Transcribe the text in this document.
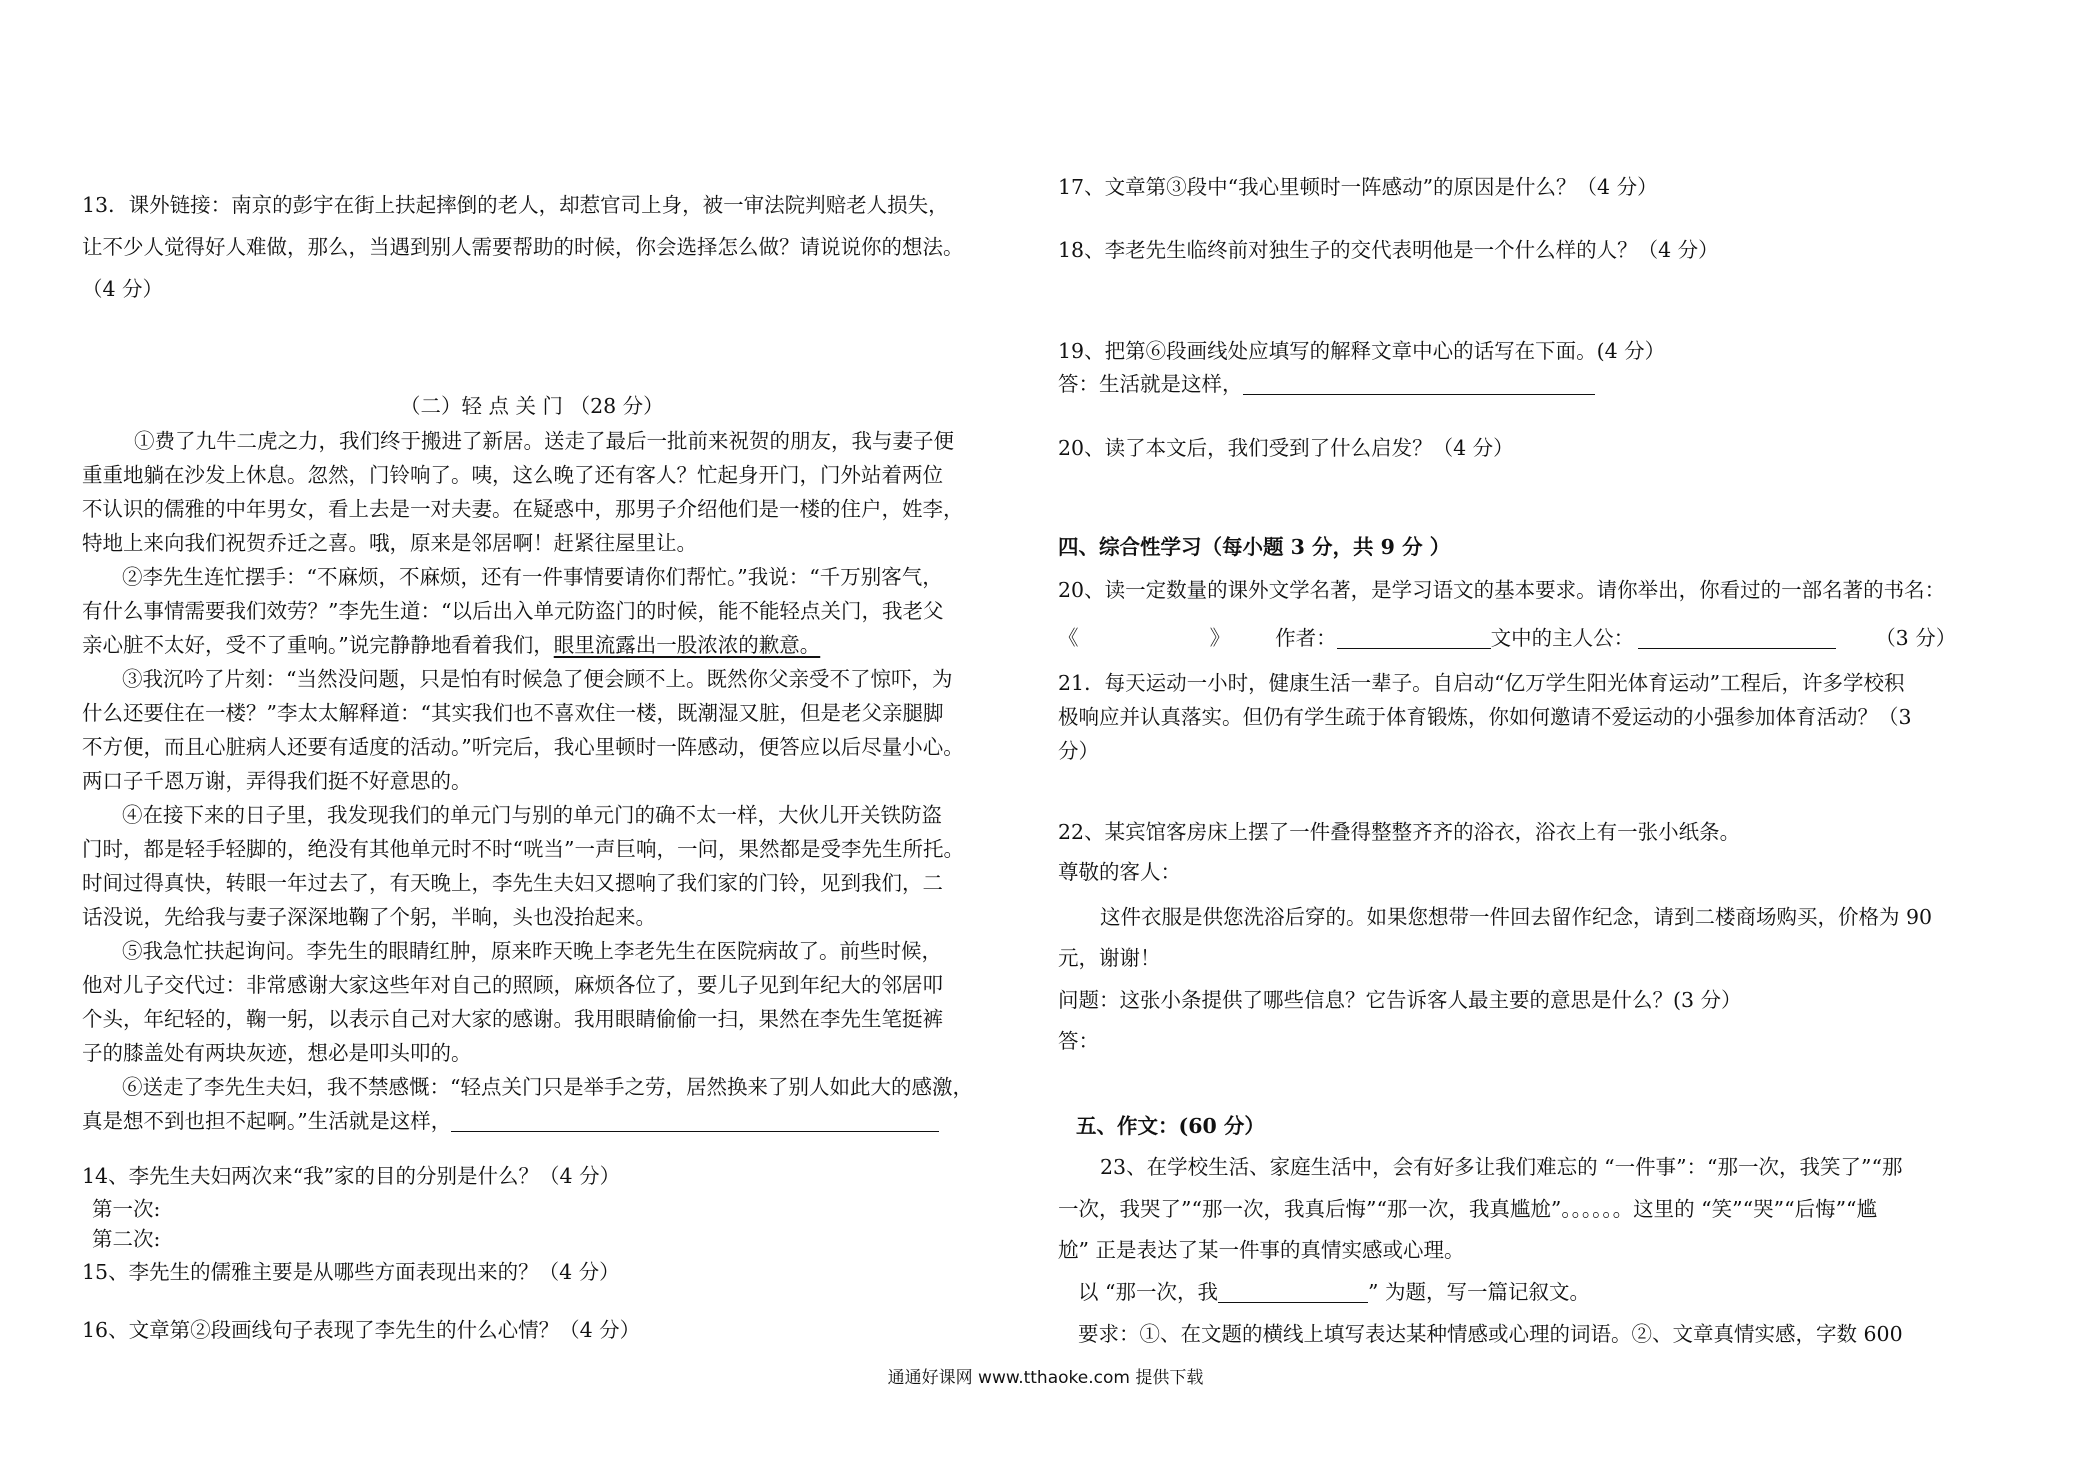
13．课外链接：南京的彭宇在街上扶起摔倒的老人，却惹官司上身，被一审法院判赔老人损失，
让不少人觉得好人难做，那么，当遇到别人需要帮助的时候，你会选择怎么做？请说说你的想法。
（4 分）
（二）轻 点 关 门 （28 分）
①费了九牛二虎之力，我们终于搬进了新居。送走了最后一批前来祝贺的朋友，我与妻子便
重重地躺在沙发上休息。忽然，门铃响了。咦，这么晚了还有客人？忙起身开门，门外站着两位
不认识的儒雅的中年男女，看上去是一对夫妻。在疑惑中，那男子介绍他们是一楼的住户，姓李，
特地上来向我们祝贺乔迁之喜。哦，原来是邻居啊！赶紧往屋里让。
②李先生连忙摆手：“不麻烦，不麻烦，还有一件事情要请你们帮忙。”我说：“千万别客气，
有什么事情需要我们效劳？”李先生道：“以后出入单元防盗门的时候，能不能轻点关门，我老父
亲心脏不太好，受不了重响。”说完静静地看着我们，眼里流露出一股浓浓的歉意。
③我沉吟了片刻：“当然没问题，只是怕有时候急了便会顾不上。既然你父亲受不了惊吓，为
什么还要住在一楼？”李太太解释道：“其实我们也不喜欢住一楼，既潮湿又脏，但是老父亲腿脚
不方便，而且心脏病人还要有适度的活动。”听完后，我心里顿时一阵感动，便答应以后尽量小心。
两口子千恩万谢，弄得我们挺不好意思的。
④在接下来的日子里，我发现我们的单元门与别的单元门的确不太一样，大伙儿开关铁防盗
门时，都是轻手轻脚的，绝没有其他单元时不时“咣当”一声巨响，一问，果然都是受李先生所托。
时间过得真快，转眼一年过去了，有天晚上，李先生夫妇又摁响了我们家的门铃，见到我们，二
话没说，先给我与妻子深深地鞠了个躬，半晌，头也没抬起来。
⑤我急忙扶起询问。李先生的眼睛红肿，原来昨天晚上李老先生在医院病故了。前些时候，
他对儿子交代过：非常感谢大家这些年对自己的照顾，麻烦各位了，要儿子见到年纪大的邻居叩
个头，年纪轻的，鞠一躬，以表示自己对大家的感谢。我用眼睛偷偷一扫，果然在李先生笔挺裤
子的膝盖处有两块灰迹，想必是叩头叩的。
⑥送走了李先生夫妇，我不禁感慨：“轻点关门只是举手之劳，居然换来了别人如此大的感激，
真是想不到也担不起啊。”生活就是这样，
14、李先生夫妇两次来“我”家的目的分别是什么？（4 分）
第一次:
第二次:
15、李先生的儒雅主要是从哪些方面表现出来的？（4 分）
16、文章第②段画线句子表现了李先生的什么心情？（4 分）
17、文章第③段中“我心里顿时一阵感动”的原因是什么？（4 分）
18、李老先生临终前对独生子的交代表明他是一个什么样的人？（4 分）
19、把第⑥段画线处应填写的解释文章中心的话写在下面。(4 分）
答：生活就是这样，
20、读了本文后，我们受到了什么启发？（4 分）
四、综合性学习（每小题 3 分，共 9 分 ）
20、读一定数量的课外文学名著，是学习语文的基本要求。请你举出，你看过的一部名著的书名：
《	》 作者：	文中的主人公：	（3 分）
21．每天运动一小时，健康生活一辈子。自启动“亿万学生阳光体育运动”工程后，许多学校积
极响应并认真落实。但仍有学生疏于体育锻炼，你如何邀请不爱运动的小强参加体育活动？（3
分）
22、某宾馆客房床上摆了一件叠得整整齐齐的浴衣，浴衣上有一张小纸条。
尊敬的客人：
这件衣服是供您洗浴后穿的。如果您想带一件回去留作纪念，请到二楼商场购买，价格为 90
元，谢谢！
问题：这张小条提供了哪些信息？它告诉客人最主要的意思是什么？(3 分）
答：
五、作文：(60 分）
23、在学校生活、家庭生活中，会有好多让我们难忘的 “一件事”：“那一次，我笑了”“那
一次，我哭了”“那一次，我真后悔”“那一次，我真尴尬”。。。。。。这里的 “笑”“哭”“后悔”“尴
尬” 正是表达了某一件事的真情实感或心理。
以 “那一次，我	” 为题，写一篇记叙文。
要求：①、在文题的横线上填写表达某种情感或心理的词语。②、文章真情实感，字数 600
通通好课网 www.tthaoke.com 提供下载
